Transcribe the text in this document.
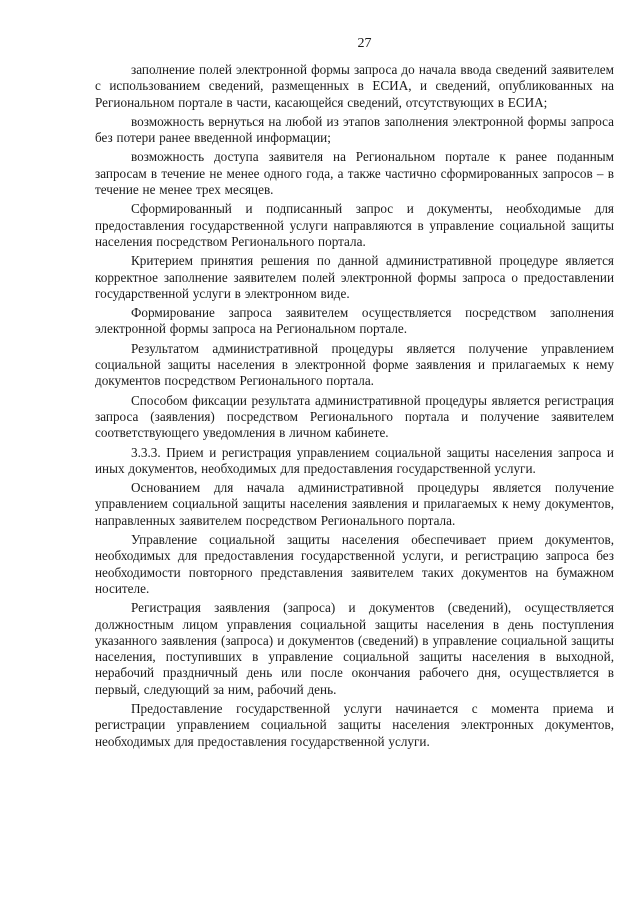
27

заполнение полей электронной формы запроса до начала ввода сведений заявителем с использованием сведений, размещенных в ЕСИА, и сведений, опубликованных на Региональном портале в части, касающейся сведений, отсутствующих в ЕСИА;

возможность вернуться на любой из этапов заполнения электронной формы запроса без потери ранее введенной информации;

возможность доступа заявителя на Региональном портале к ранее поданным запросам в течение не менее одного года, а также частично сформированных запросов – в течение не менее трех месяцев.

Сформированный и подписанный запрос и документы, необходимые для предоставления государственной услуги направляются в управление социальной защиты населения посредством Регионального портала.

Критерием принятия решения по данной административной процедуре является корректное заполнение заявителем полей электронной формы запроса о предоставлении государственной услуги в электронном виде.

Формирование запроса заявителем осуществляется посредством заполнения электронной формы запроса на Региональном портале.

Результатом административной процедуры является получение управлением социальной защиты населения в электронной форме заявления и прилагаемых к нему документов посредством Регионального портала.

Способом фиксации результата административной процедуры является регистрация запроса (заявления) посредством Регионального портала и получение заявителем соответствующего уведомления в личном кабинете.

3.3.3. Прием и регистрация управлением социальной защиты населения запроса и иных документов, необходимых для предоставления государственной услуги.

Основанием для начала административной процедуры является получение управлением социальной защиты населения заявления и прилагаемых к нему документов, направленных заявителем посредством Регионального портала.

Управление социальной защиты населения обеспечивает прием документов, необходимых для предоставления государственной услуги, и регистрацию запроса без необходимости повторного представления заявителем таких документов на бумажном носителе.

Регистрация заявления (запроса) и документов (сведений), осуществляется должностным лицом управления социальной защиты населения в день поступления указанного заявления (запроса) и документов (сведений) в управление социальной защиты населения, поступивших в управление социальной защиты населения в выходной, нерабочий праздничный день или после окончания рабочего дня, осуществляется в первый, следующий за ним, рабочий день.

Предоставление государственной услуги начинается с момента приема и регистрации управлением социальной защиты населения электронных документов, необходимых для предоставления государственной услуги.
